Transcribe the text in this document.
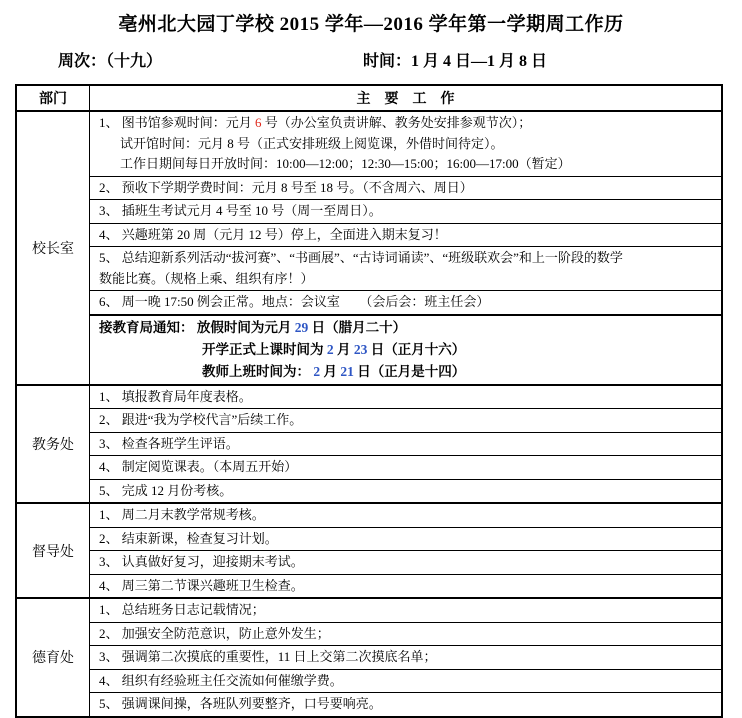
亳州北大园丁学校 2015 学年—2016 学年第一学期周工作历
周次：（十九）	时间：1 月 4 日—1 月 8 日
部门	主　要　工　作
校长室	1、 图书馆参观时间：元月 6 号（办公室负责讲解、教务处安排参观节次）；
试开馆时间：元月 8 号（正式安排班级上阅览课，外借时间待定）。
工作日期间每日开放时间：10:00—12:00；12:30—15:00；16:00—17:00（暂定）

	2、 预收下学期学费时间：元月 8 号至 18 号。（不含周六、周日）

	3、 插班生考试元月 4 号至 10 号（周一至周日）。

	4、 兴趣班第 20 周（元月 12 号）停上，全面进入期末复习！

	5、 总结迎新系列活动“拔河赛”、“书画展”、“古诗词诵读”、“班级联欢会”和上一阶段的数学
数能比赛。（规格上乘、组织有序！）

	6、 周一晚 17:50 例会正常。地点：会议室　　（会后会：班主任会）

	接教育局通知： 放假时间为元月 29 日（腊月二十）
开学正式上课时间为 2 月 23 日（正月十六）
教师上班时间为： 2 月 21 日（正月是十四）

教务处	1、 填报教育局年度表格。

	2、 跟进“我为学校代言”后续工作。

	3、 检查各班学生评语。

	4、 制定阅览课表。（本周五开始）

	5、 完成 12 月份考核。

督导处	1、 周二月末教学常规考核。

	2、 结束新课，检查复习计划。

	3、 认真做好复习，迎接期末考试。

	4、 周三第二节课兴趣班卫生检查。

德育处	1、 总结班务日志记载情况；

	2、 加强安全防范意识，防止意外发生；

	3、 强调第二次摸底的重要性，11 日上交第二次摸底名单；

	4、 组织有经验班主任交流如何催缴学费。

	5、 强调课间操，各班队列要整齐，口号要响亮。
